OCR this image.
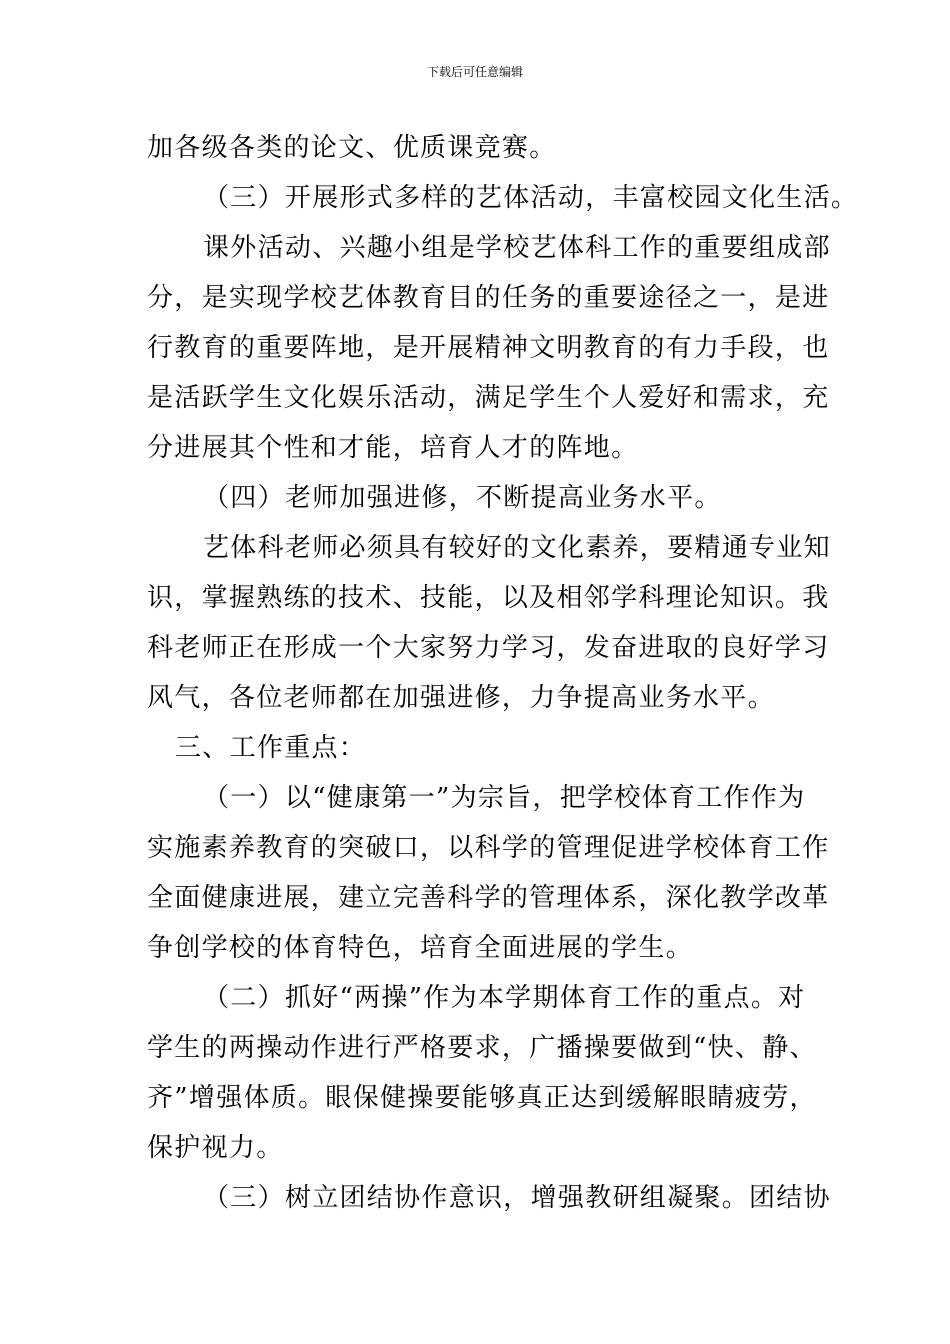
下载后可任意编辑
加各级各类的论文、优质课竞赛。
（三）开展形式多样的艺体活动，丰富校园文化生活。
课外活动、兴趣小组是学校艺体科工作的重要组成部
分，是实现学校艺体教育目的任务的重要途径之一，是进
行教育的重要阵地，是开展精神文明教育的有力手段，也
是活跃学生文化娱乐活动，满足学生个人爱好和需求，充
分进展其个性和才能，培育人才的阵地。
（四）老师加强进修，不断提高业务水平。
艺体科老师必须具有较好的文化素养，要精通专业知
识，掌握熟练的技术、技能，以及相邻学科理论知识。我
科老师正在形成一个大家努力学习，发奋进取的良好学习
风气，各位老师都在加强进修，力争提高业务水平。
三、工作重点：
（一）以“健康第一”为宗旨，把学校体育工作作为
实施素养教育的突破口，以科学的管理促进学校体育工作
全面健康进展，建立完善科学的管理体系，深化教学改革
争创学校的体育特色，培育全面进展的学生。
（二）抓好“两操”作为本学期体育工作的重点。对
学生的两操动作进行严格要求，广播操要做到“快、静、
齐”增强体质。眼保健操要能够真正达到缓解眼睛疲劳，
保护视力。
（三）树立团结协作意识，增强教研组凝聚。团结协
